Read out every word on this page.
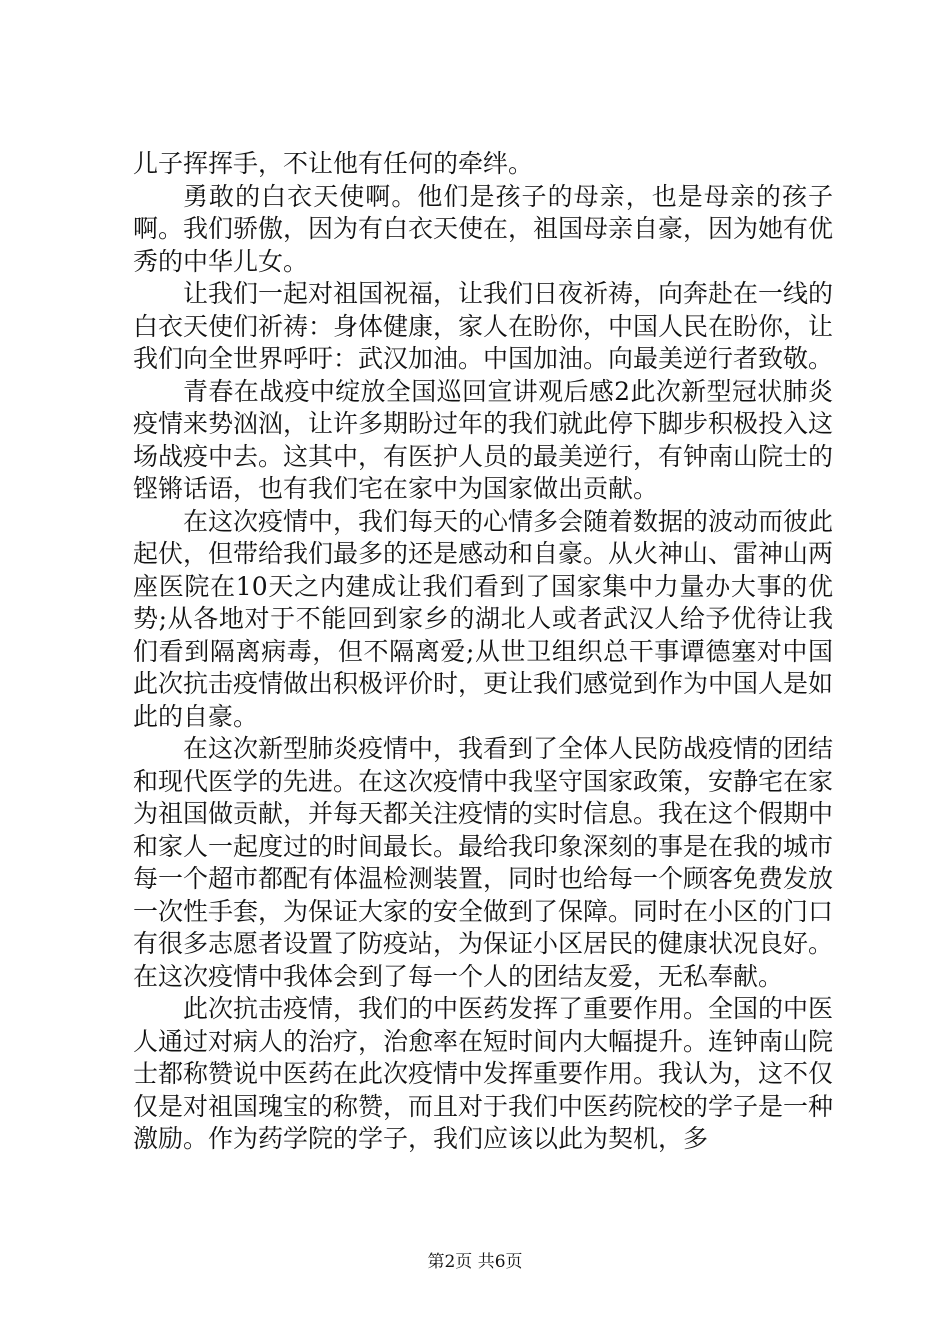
儿子挥挥手，不让他有任何的牵绊。

勇敢的白衣天使啊。他们是孩子的母亲，也是母亲的孩子啊。我们骄傲，因为有白衣天使在，祖国母亲自豪，因为她有优秀的中华儿女。

让我们一起对祖国祝福，让我们日夜祈祷，向奔赴在一线的白衣天使们祈祷：身体健康，家人在盼你，中国人民在盼你，让我们向全世界呼吁：武汉加油。中国加油。向最美逆行者致敬。

青春在战疫中绽放全国巡回宣讲观后感2此次新型冠状肺炎疫情来势汹汹，让许多期盼过年的我们就此停下脚步积极投入这场战疫中去。这其中，有医护人员的最美逆行，有钟南山院士的铿锵话语，也有我们宅在家中为国家做出贡献。

在这次疫情中，我们每天的心情多会随着数据的波动而彼此起伏，但带给我们最多的还是感动和自豪。从火神山、雷神山两座医院在10天之内建成让我们看到了国家集中力量办大事的优势;从各地对于不能回到家乡的湖北人或者武汉人给予优待让我们看到隔离病毒，但不隔离爱;从世卫组织总干事谭德塞对中国此次抗击疫情做出积极评价时，更让我们感觉到作为中国人是如此的自豪。

在这次新型肺炎疫情中，我看到了全体人民防战疫情的团结和现代医学的先进。在这次疫情中我坚守国家政策，安静宅在家为祖国做贡献，并每天都关注疫情的实时信息。我在这个假期中和家人一起度过的时间最长。最给我印象深刻的事是在我的城市每一个超市都配有体温检测装置，同时也给每一个顾客免费发放一次性手套，为保证大家的安全做到了保障。同时在小区的门口有很多志愿者设置了防疫站，为保证小区居民的健康状况良好。在这次疫情中我体会到了每一个人的团结友爱，无私奉献。

此次抗击疫情，我们的中医药发挥了重要作用。全国的中医人通过对病人的治疗，治愈率在短时间内大幅提升。连钟南山院士都称赞说中医药在此次疫情中发挥重要作用。我认为，这不仅仅是对祖国瑰宝的称赞，而且对于我们中医药院校的学子是一种激励。作为药学院的学子，我们应该以此为契机，多

第2页 共6页
